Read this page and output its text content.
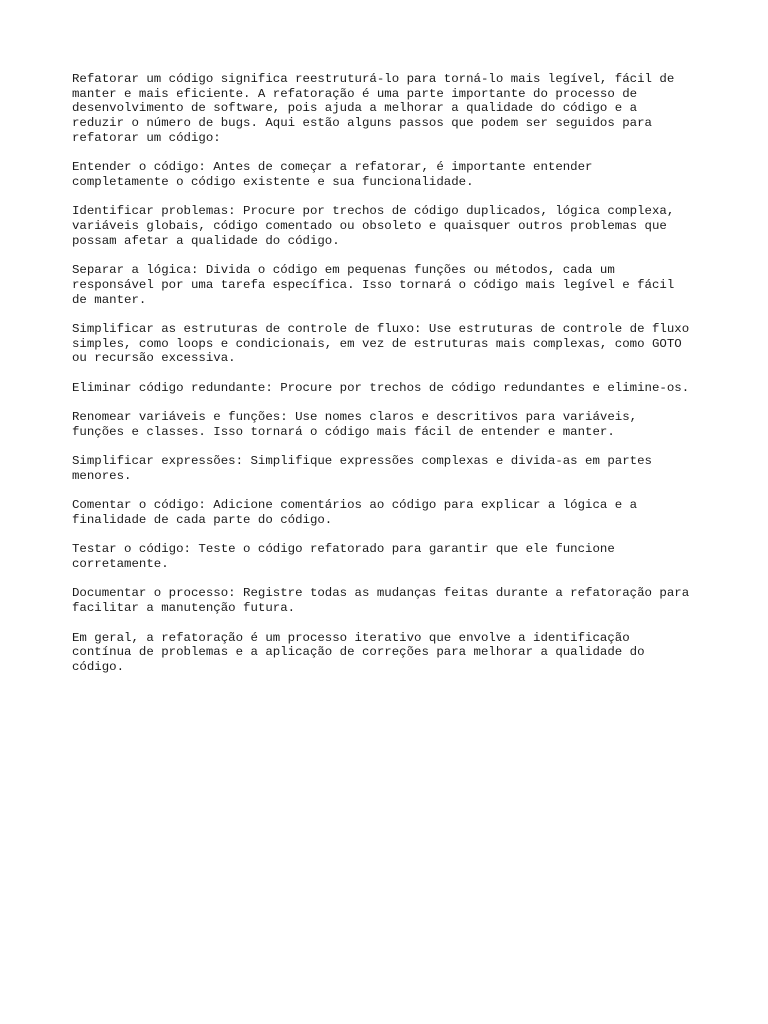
Refatorar um código significa reestruturá-lo para torná-lo mais legível, fácil de
manter e mais eficiente. A refatoração é uma parte importante do processo de
desenvolvimento de software, pois ajuda a melhorar a qualidade do código e a
reduzir o número de bugs. Aqui estão alguns passos que podem ser seguidos para
refatorar um código:

Entender o código: Antes de começar a refatorar, é importante entender
completamente o código existente e sua funcionalidade.

Identificar problemas: Procure por trechos de código duplicados, lógica complexa,
variáveis globais, código comentado ou obsoleto e quaisquer outros problemas que
possam afetar a qualidade do código.

Separar a lógica: Divida o código em pequenas funções ou métodos, cada um
responsável por uma tarefa específica. Isso tornará o código mais legível e fácil
de manter.

Simplificar as estruturas de controle de fluxo: Use estruturas de controle de fluxo
simples, como loops e condicionais, em vez de estruturas mais complexas, como GOTO
ou recursão excessiva.

Eliminar código redundante: Procure por trechos de código redundantes e elimine-os.

Renomear variáveis e funções: Use nomes claros e descritivos para variáveis,
funções e classes. Isso tornará o código mais fácil de entender e manter.

Simplificar expressões: Simplifique expressões complexas e divida-as em partes
menores.

Comentar o código: Adicione comentários ao código para explicar a lógica e a
finalidade de cada parte do código.

Testar o código: Teste o código refatorado para garantir que ele funcione
corretamente.

Documentar o processo: Registre todas as mudanças feitas durante a refatoração para
facilitar a manutenção futura.

Em geral, a refatoração é um processo iterativo que envolve a identificação
contínua de problemas e a aplicação de correções para melhorar a qualidade do
código.
